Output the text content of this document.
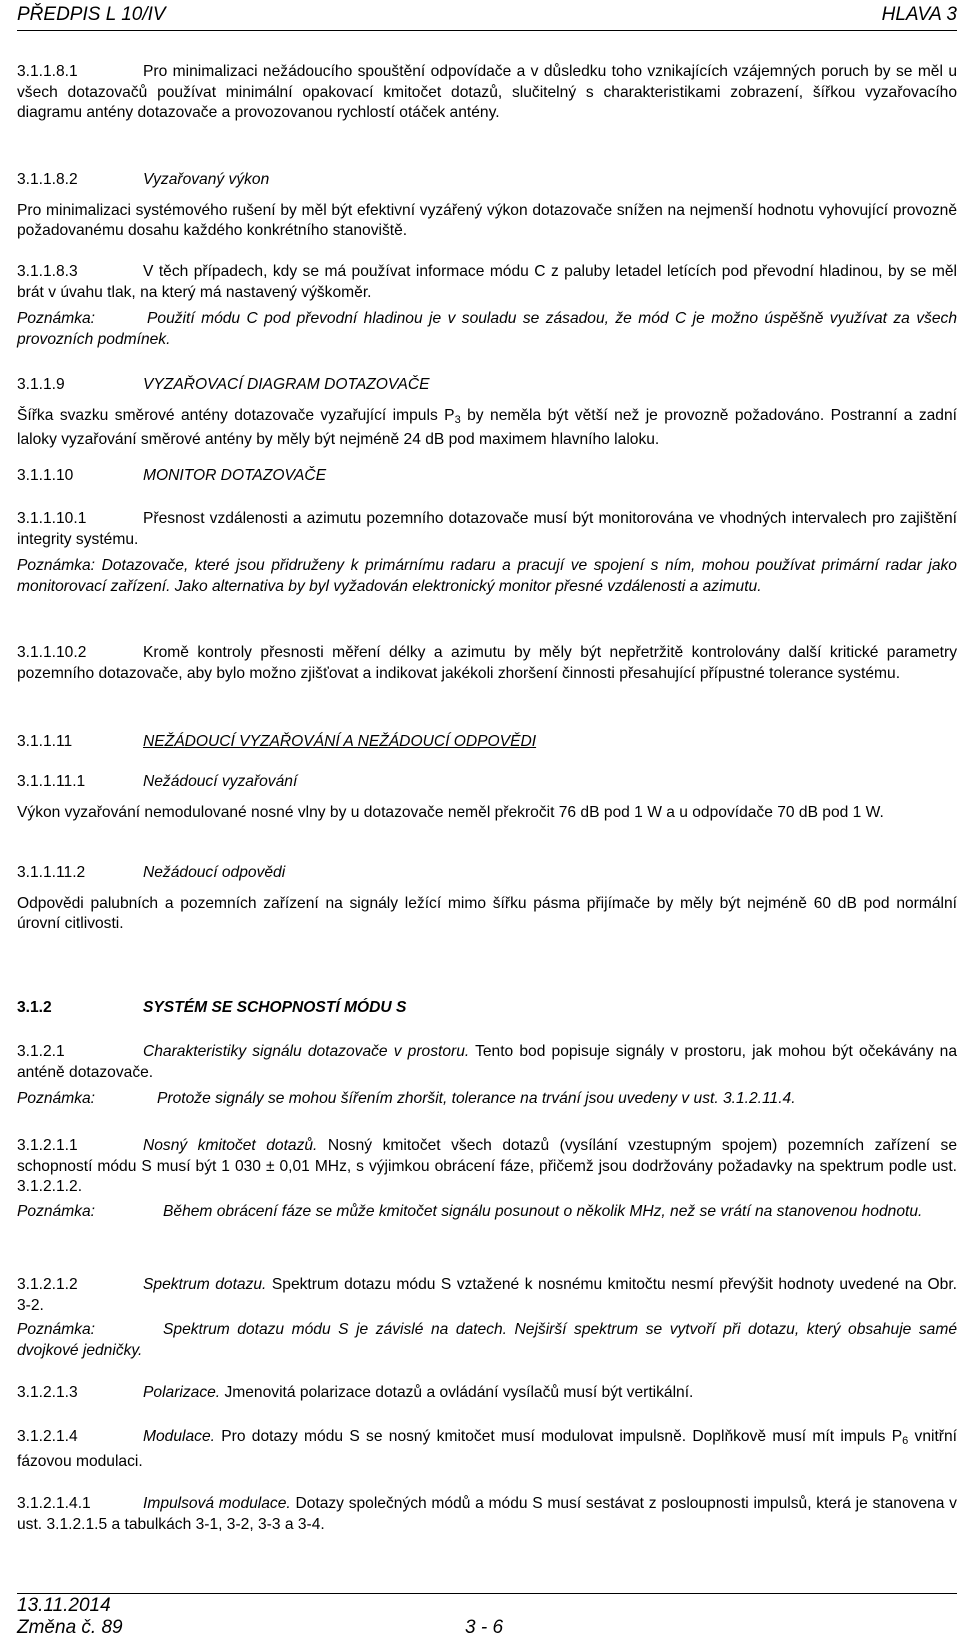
PŘEDPIS L 10/IV	HLAVA 3

3.1.1.8.1	Pro minimalizaci nežádoucího spouštění odpovídače a v důsledku toho vznikajících vzájemných poruch by se měl u všech dotazovačů používat minimální opakovací kmitočet dotazů, slučitelný s charakteristikami zobrazení, šířkou vyzařovacího diagramu antény dotazovače a provozovanou rychlostí otáček antény.

3.1.1.8.2	Vyzařovaný výkon

Pro minimalizaci systémového rušení by měl být efektivní vyzářený výkon dotazovače snížen na nejmenší hodnotu vyhovující provozně požadovanému dosahu každého konkrétního stanoviště.

3.1.1.8.3	V těch případech, kdy se má používat informace módu C z paluby letadel letících pod převodní hladinou, by se měl brát v úvahu tlak, na který má nastavený výškoměr.

Poznámka:	Použití módu C pod převodní hladinou je v souladu se zásadou, že mód C je možno úspěšně využívat za všech provozních podmínek.

3.1.1.9	VYZAŘOVACÍ DIAGRAM DOTAZOVAČE

Šířka svazku směrové antény dotazovače vyzařující impuls $P_3$ by neměla být větší než je provozně požadováno. Postranní a zadní laloky vyzařování směrové antény by měly být nejméně 24 dB pod maximem hlavního laloku.

3.1.1.10	MONITOR DOTAZOVAČE

3.1.1.10.1	Přesnost vzdálenosti a azimutu pozemního dotazovače musí být monitorována ve vhodných intervalech pro zajištění integrity systému.

Poznámka: Dotazovače, které jsou přidruženy k primárnímu radaru a pracují ve spojení s ním, mohou používat primární radar jako monitorovací zařízení. Jako alternativa by byl vyžadován elektronický monitor přesné vzdálenosti a azimutu.

3.1.1.10.2	Kromě kontroly přesnosti měření délky a azimutu by měly být nepřetržitě kontrolovány další kritické parametry pozemního dotazovače, aby bylo možno zjišťovat a indikovat jakékoli zhoršení činnosti přesahující přípustné tolerance systému.

3.1.1.11	NEŽÁDOUCÍ VYZAŘOVÁNÍ A NEŽÁDOUCÍ ODPOVĚDI

3.1.1.11.1	Nežádoucí vyzařování

Výkon vyzařování nemodulované nosné vlny by u dotazovače neměl překročit 76 dB pod 1 W a u odpovídače 70 dB pod 1 W.

3.1.1.11.2	Nežádoucí odpovědi

Odpovědi palubních a pozemních zařízení na signály ležící mimo šířku pásma přijímače by měly být nejméně 60 dB pod normální úrovní citlivosti.

3.1.2	SYSTÉM SE SCHOPNOSTÍ MÓDU S

3.1.2.1	Charakteristiky signálu dotazovače v prostoru. Tento bod popisuje signály v prostoru, jak mohou být očekávány na anténě dotazovače.

Poznámka:	Protože signály se mohou šířením zhoršit, tolerance na trvání jsou uvedeny v ust. 3.1.2.11.4.

3.1.2.1.1	Nosný kmitočet dotazů. Nosný kmitočet všech dotazů (vysílání vzestupným spojem) pozemních zařízení se schopností módu S musí být 1 030 ± 0,01 MHz, s výjimkou obrácení fáze, přičemž jsou dodržovány požadavky na spektrum podle ust. 3.1.2.1.2.

Poznámka:	Během obrácení fáze se může kmitočet signálu posunout o několik MHz, než se vrátí na stanovenou hodnotu.

3.1.2.1.2	Spektrum dotazu. Spektrum dotazu módu S vztažené k nosnému kmitočtu nesmí převýšit hodnoty uvedené na Obr. 3-2.

Poznámka:	Spektrum dotazu módu S je závislé na datech. Nejširší spektrum se vytvoří při dotazu, který obsahuje samé dvojkové jedničky.

3.1.2.1.3	Polarizace. Jmenovitá polarizace dotazů a ovládání vysílačů musí být vertikální.

3.1.2.1.4	Modulace. Pro dotazy módu S se nosný kmitočet musí modulovat impulsně. Doplňkově musí mít impuls $P_6$ vnitřní fázovou modulaci.

3.1.2.1.4.1	Impulsová modulace. Dotazy společných módů a módu S musí sestávat z posloupnosti impulsů, která je stanovena v ust. 3.1.2.1.5 a tabulkách 3-1, 3-2, 3-3 a 3-4.

13.11.2014
Změna č. 89	3 - 6
